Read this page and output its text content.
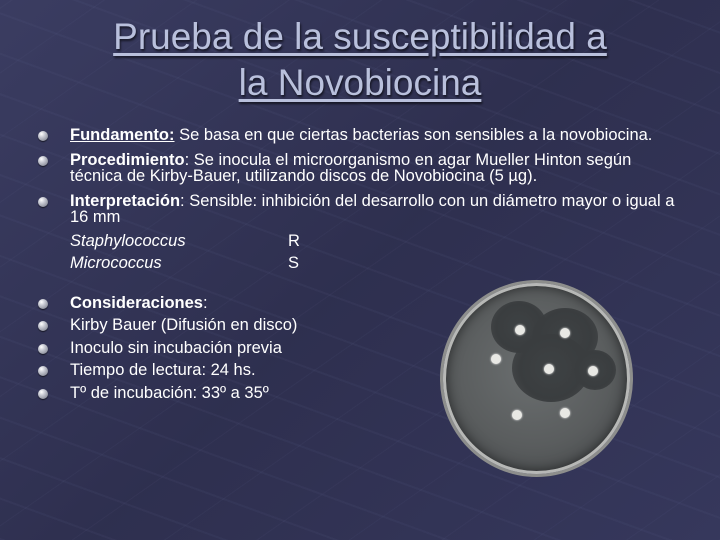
Prueba de la susceptibilidad a
la Novobiocina
Fundamento: Se basa en que ciertas bacterias son sensibles a la novobiocina.
Procedimiento: Se inocula el microorganismo en agar Mueller Hinton según técnica de Kirby-Bauer, utilizando discos de Novobiocina (5 µg).
Interpretación: Sensible: inhibición del desarrollo con un diámetro mayor o igual a 16 mm
Staphylococcus	R
Micrococcus	S
Consideraciones:
Kirby Bauer (Difusión en disco)
Inoculo sin incubación previa
Tiempo de lectura: 24 hs.
Tº de incubación: 33º a 35º
